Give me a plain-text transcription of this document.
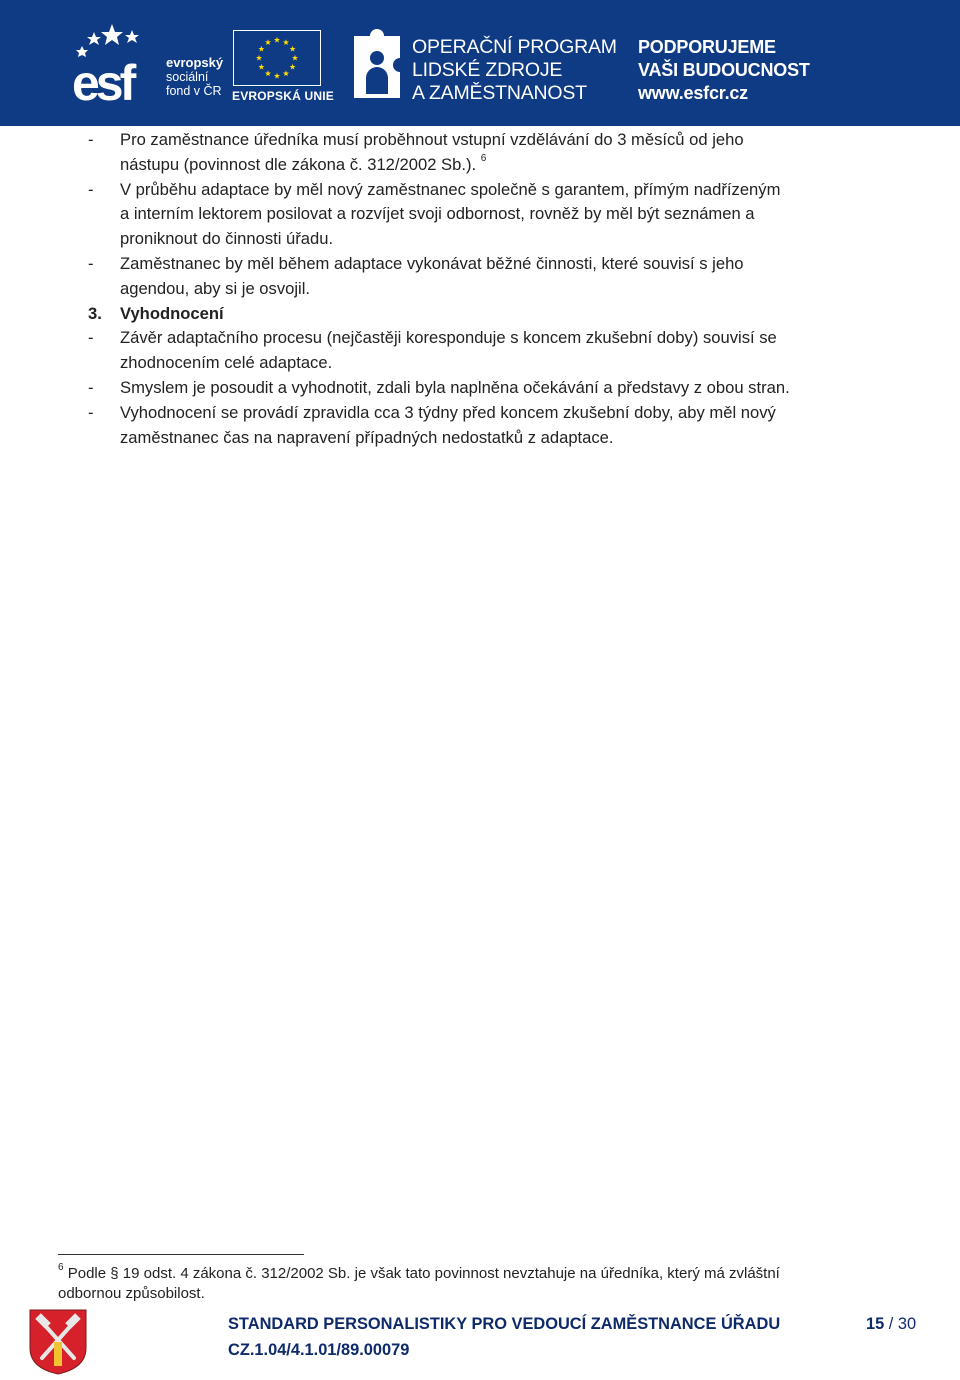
esf	evropský
sociální
fond v ČR EVROPSKÁ UNIE
OPERAČNÍ PROGRAM
LIDSKÉ ZDROJE
A ZAMĚSTNANOST
PODPORUJEME
VAŠI BUDOUCNOST
www.esfcr.cz
- Pro zaměstnance úředníka musí proběhnout vstupní vzdělávání do 3 měsíců od jeho
nástupu (povinnost dle zákona č. 312/2002 Sb.). $^6$
- V průběhu adaptace by měl nový zaměstnanec společně s garantem, přímým nadřízeným
a interním lektorem posilovat a rozvíjet svoji odbornost, rovněž by měl být seznámen a
proniknout do činnosti úřadu.
- Zaměstnanec by měl během adaptace vykonávat běžné činnosti, které souvisí s jeho
agendou, aby si je osvojil.
3. Vyhodnocení
- Závěr adaptačního procesu (nejčastěji koresponduje s koncem zkušební doby) souvisí se
zhodnocením celé adaptace.
- Smyslem je posoudit a vyhodnotit, zdali byla naplněna očekávání a představy z obou stran.
- Vyhodnocení se provádí zpravidla cca 3 týdny před koncem zkušební doby, aby měl nový
zaměstnanec čas na napravení případných nedostatků z adaptace.
$^6$ Podle § 19 odst. 4 zákona č. 312/2002 Sb. je však tato povinnost nevztahuje na úředníka, který má zvláštní
odbornou způsobilost.
STANDARD PERSONALISTIKY PRO VEDOUCÍ ZAMĚSTNANCE ÚŘADU
CZ.1.04/4.1.01/89.00079
15 / 30
